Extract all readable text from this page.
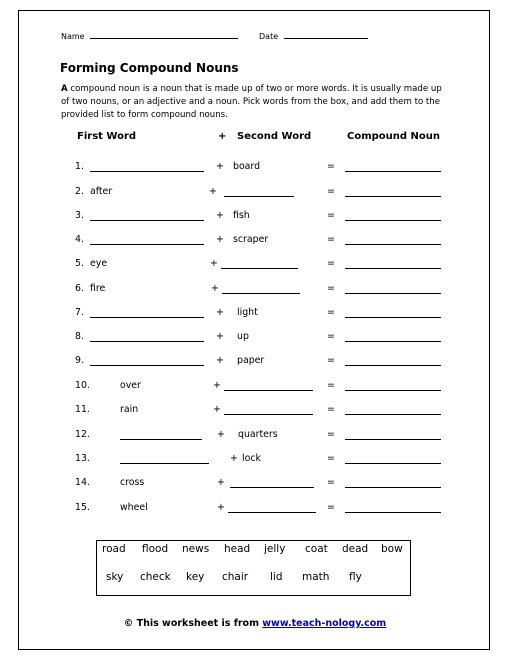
Name	Date
Forming Compound Nouns
A compound noun is a noun that is made up of two or more words. It is usually made up of two nouns, or an adjective and a noun. Pick words from the box, and add them to the provided list to form compound nouns.
First Word	+ Second Word	Compound Noun
1.	+ board	=
2. after	+	=
3.	+ fish	=
4.	+ scraper	=
5. eye	+	=
6. fire	+	=
7.	+ light	=
8.	+ up	=
9.	+ paper	=
10.	over	+	=
11.	rain	+	=
12.	+ quarters	=
13.	+ lock	=
14.	cross	+	=
15.	wheel	+	=
road flood news head jelly coat dead bow
sky check key chair lid math fly
© This worksheet is from www.teach-nology.com
